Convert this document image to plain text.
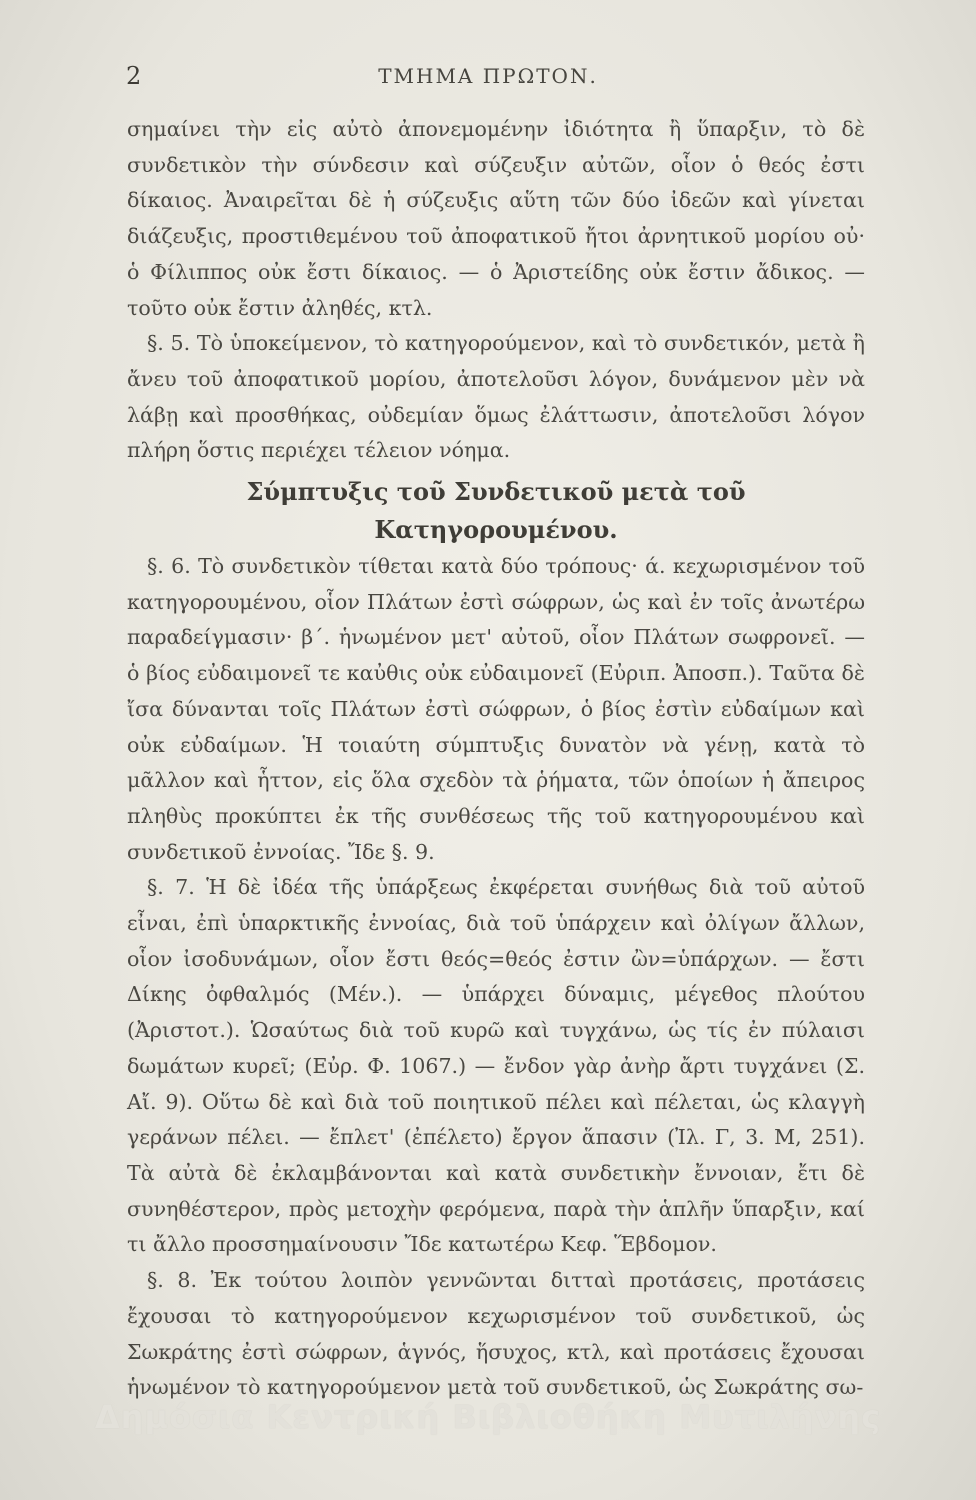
2	ΤΜΗΜΑ ΠΡΩΤΟΝ.

σημαίνει τὴν εἰς αὐτὸ ἀπονεμομένην ἰδιότητα ἢ ὕπαρξιν, τὸ δὲ συνδετικὸν τὴν σύνδεσιν καὶ σύζευξιν αὐτῶν, οἷον ὁ θεός ἐστι δίκαιος. Ἀναιρεῖται δὲ ἡ σύζευξις αὕτη τῶν δύο ἰδεῶν καὶ γίνεται διάζευξις, προστιθεμένου τοῦ ἀποφατικοῦ ἤτοι ἀρνητικοῦ μορίου οὐ· ὁ Φίλιππος οὐκ ἔστι δίκαιος. — ὁ Ἀριστείδης οὐκ ἔστιν ἄδικος. — τοῦτο οὐκ ἔστιν ἀληθές, κτλ.

§. 5. Τὸ ὑποκείμενον, τὸ κατηγορούμενον, καὶ τὸ συνδετικόν, μετὰ ἢ ἄνευ τοῦ ἀποφατικοῦ μορίου, ἀποτελοῦσι λόγον, δυνάμενον μὲν νὰ λάβῃ καὶ προσθήκας, οὐδεμίαν ὅμως ἐλάττωσιν, ἀποτελοῦσι λόγον πλήρη ὅστις περιέχει τέλειον νόημα.

Σύμπτυξις τοῦ Συνδετικοῦ μετὰ τοῦ Κατηγορουμένου.

§. 6. Τὸ συνδετικὸν τίθεται κατὰ δύο τρόπους· ά. κεχωρισμένον τοῦ κατηγορουμένου, οἷον Πλάτων ἐστὶ σώφρων, ὡς καὶ ἐν τοῖς ἀνωτέρω παραδείγμασιν· β΄. ἡνωμένον μετ' αὐτοῦ, οἷον Πλάτων σωφρονεῖ. — ὁ βίος εὐδαιμονεῖ τε καὐθις οὐκ εὐδαιμονεῖ (Εὐριπ. Ἀποσπ.). Ταῦτα δὲ ἴσα δύνανται τοῖς Πλάτων ἐστὶ σώφρων, ὁ βίος ἐστὶν εὐδαίμων καὶ οὐκ εὐδαίμων. Ἡ τοιαύτη σύμπτυξις δυνατὸν νὰ γένῃ, κατὰ τὸ μᾶλλον καὶ ἧττον, εἰς ὅλα σχεδὸν τὰ ῥήματα, τῶν ὁποίων ἡ ἄπειρος πληθὺς προκύπτει ἐκ τῆς συνθέσεως τῆς τοῦ κατηγορουμένου καὶ συνδετικοῦ ἐννοίας. Ἴδε §. 9.

§. 7. Ἡ δὲ ἰδέα τῆς ὑπάρξεως ἐκφέρεται συνήθως διὰ τοῦ αὐτοῦ εἶναι, ἐπὶ ὑπαρκτικῆς ἐννοίας, διὰ τοῦ ὑπάρχειν καὶ ὀλίγων ἄλλων, οἷον ἰσοδυνάμων, οἷον ἔστι θεός=θεός ἐστιν ὢν=ὑπάρχων. — ἔστι Δίκης ὀφθαλμός (Μέν.). — ὑπάρχει δύναμις, μέγεθος πλούτου (Ἀριστοτ.). Ὡσαύτως διὰ τοῦ κυρῶ καὶ τυγχάνω, ὡς τίς ἐν πύλαισι δωμάτων κυρεῖ; (Εὐρ. Φ. 1067.) — ἔνδον γὰρ ἀνὴρ ἄρτι τυγχάνει (Σ. Αἴ. 9). Οὕτω δὲ καὶ διὰ τοῦ ποιητικοῦ πέλει καὶ πέλεται, ὡς κλαγγὴ γεράνων πέλει. — ἔπλετ' (ἐπέλετο) ἔργον ἅπασιν (Ἰλ. Γ, 3. Μ, 251). Τὰ αὐτὰ δὲ ἐκλαμβάνονται καὶ κατὰ συνδετικὴν ἔννοιαν, ἔτι δὲ συνηθέστερον, πρὸς μετοχὴν φερόμενα, παρὰ τὴν ἁπλῆν ὕπαρξιν, καί τι ἄλλο προσσημαίνουσιν Ἴδε κατωτέρω Κεφ. Ἕβδομον.

§. 8. Ἐκ τούτου λοιπὸν γεννῶνται διτταὶ προτάσεις, προτάσεις ἔχουσαι τὸ κατηγορούμενον κεχωρισμένον τοῦ συνδετικοῦ, ὡς Σωκράτης ἐστὶ σώφρων, ἁγνός, ἥσυχος, κτλ, καὶ προτάσεις ἔχουσαι ἡνωμένον τὸ κατηγορούμενον μετὰ τοῦ συνδετικοῦ, ὡς Σωκράτης σω-

Δημόσια Κεντρική Βιβλιοθήκη Μυτιλήνης
